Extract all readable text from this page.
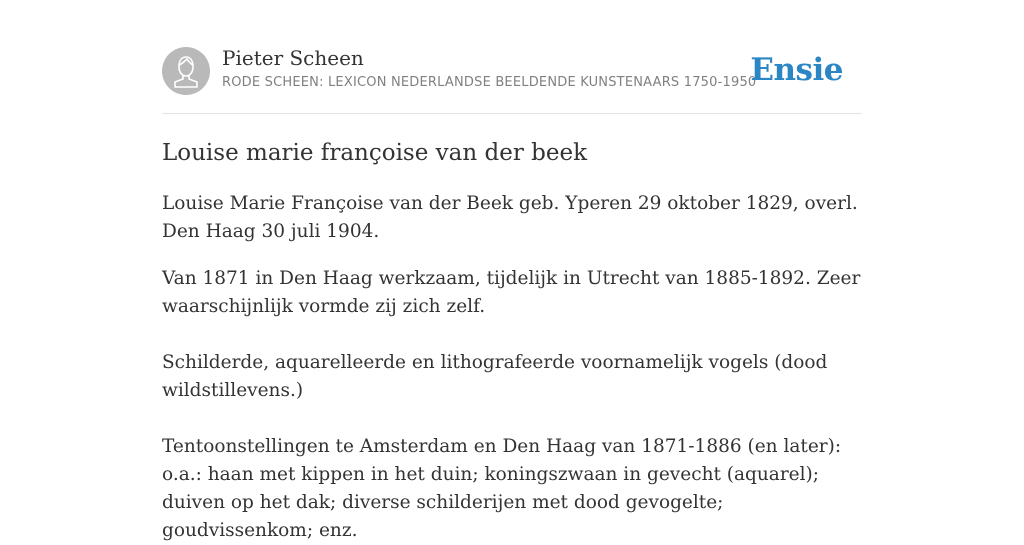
Pieter Scheen
RODE SCHEEN: LEXICON NEDERLANDSE BEELDENDE KUNSTENAARS 1750-1950
Ensie
Louise marie françoise van der beek

Louise Marie Françoise van der Beek geb. Yperen 29 oktober 1829, overl. Den Haag 30 juli 1904.

Van 1871 in Den Haag werkzaam, tijdelijk in Utrecht van 1885-1892. Zeer waarschijnlijk vormde zij zich zelf.

Schilderde, aquarelleerde en lithografeerde voornamelijk vogels (dood wildstillevens.)

Tentoonstellingen te Amsterdam en Den Haag van 1871-1886 (en later): o.a.: haan met kippen in het duin; koningszwaan in gevecht (aquarel); duiven op het dak; diverse schilderijen met dood gevogelte; goudvissenkom; enz.
